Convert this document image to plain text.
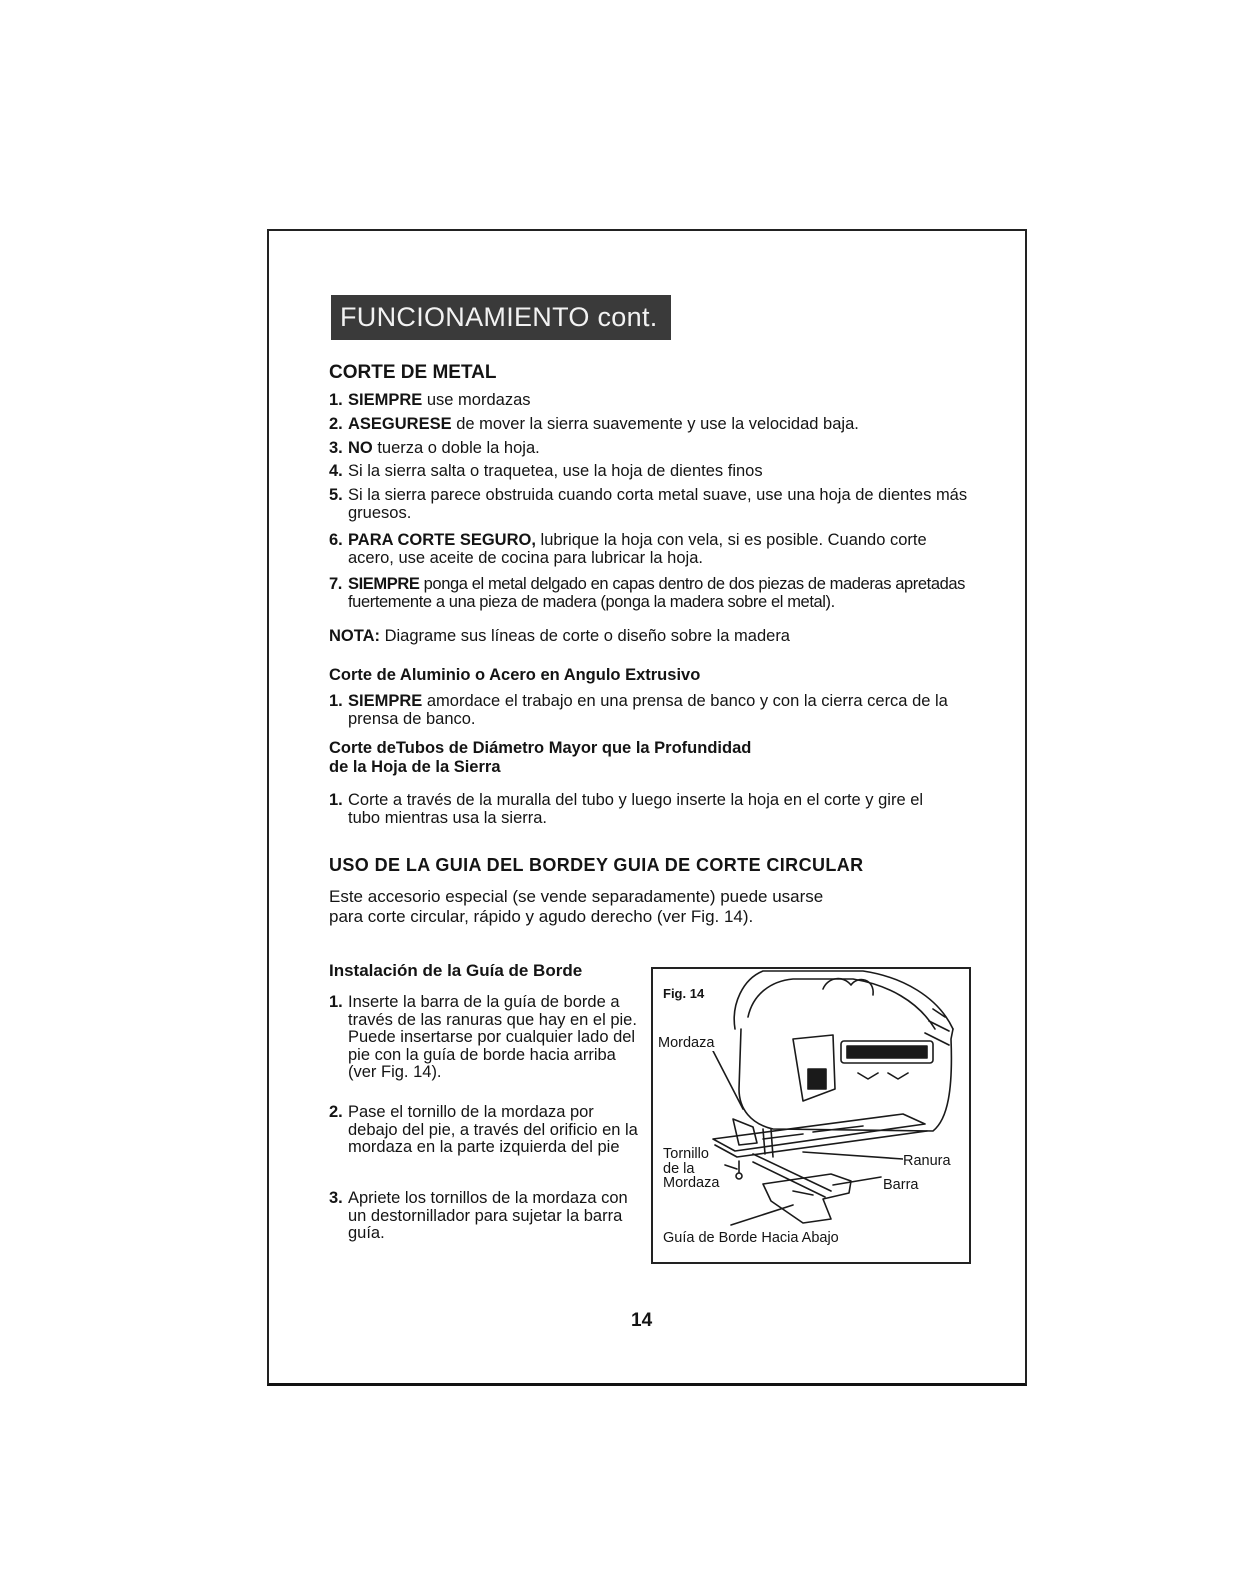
FUNCIONAMIENTO cont.
CORTE DE METAL
1. SIEMPRE use mordazas
2. ASEGURESE de mover la sierra suavemente y use la velocidad baja.
3. NO tuerza o doble la hoja.
4. Si la sierra salta o traquetea, use la hoja de dientes finos
5. Si la sierra parece obstruida cuando corta metal suave, use una hoja de dientes más gruesos.
6. PARA CORTE SEGURO, lubrique la hoja con vela, si es posible. Cuando corte acero, use aceite de cocina para lubricar la hoja.
7. SIEMPRE ponga el metal delgado en capas dentro de dos piezas de maderas apretadas fuertemente a una pieza de madera (ponga la madera sobre el metal).
NOTA: Diagrame sus líneas de corte o diseño sobre la madera
Corte de Aluminio o Acero en Angulo Extrusivo
1. SIEMPRE amordace el trabajo en una prensa de banco y con la cierra cerca de la prensa de banco.
Corte deTubos de Diámetro Mayor que la Profundidad
de la Hoja de la Sierra
1. Corte a través de la muralla del tubo y luego inserte la hoja en el corte y gire el tubo mientras usa la sierra.
USO DE LA GUIA DEL BORDEY GUIA DE CORTE CIRCULAR
Este accesorio especial (se vende separadamente) puede usarse
para corte circular, rápido y agudo derecho (ver Fig. 14).
Instalación de la Guía de Borde
1. Inserte la barra de la guía de borde a través de las ranuras que hay en el pie. Puede insertarse por cualquier lado del pie con la guía de borde hacia arriba (ver Fig. 14).
2. Pase el tornillo de la mordaza por debajo del pie, a través del orificio en la mordaza en la parte izquierda del pie
3. Apriete los tornillos de la mordaza con un destornillador para sujetar la barra guía.
Fig. 14
Mordaza
Tornillo
de la
Mordaza
Ranura
Barra
Guía de Borde Hacia Abajo
14
